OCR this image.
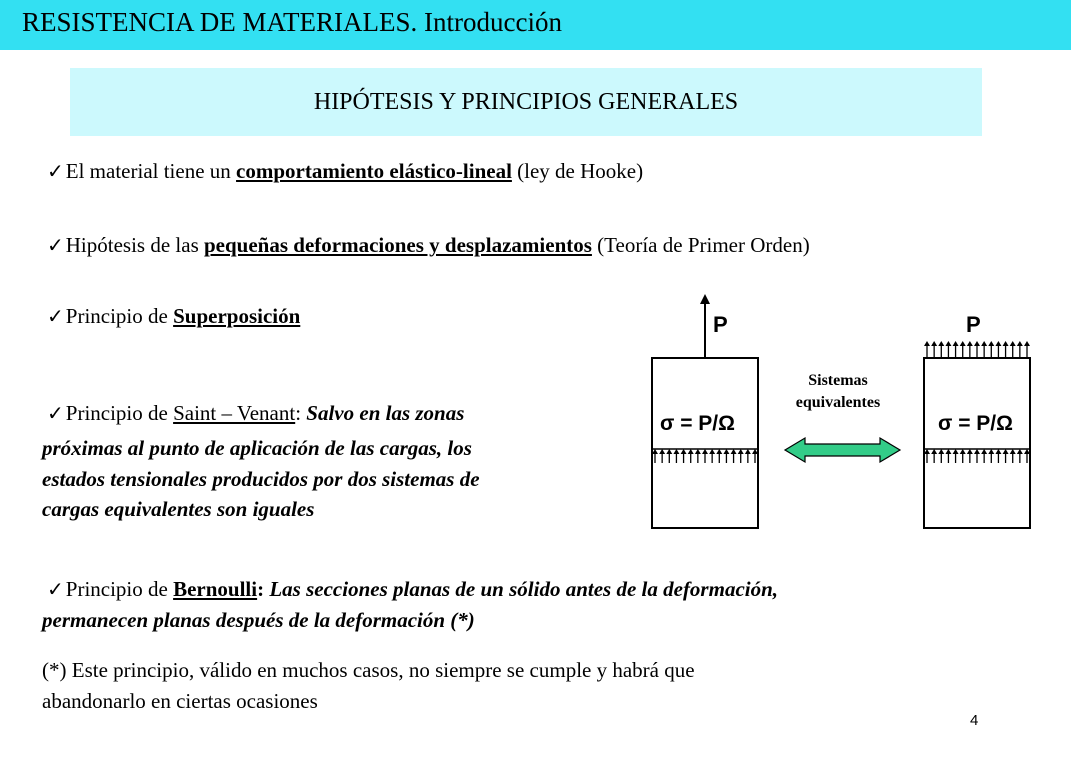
RESISTENCIA DE MATERIALES. Introducción
HIPÓTESIS Y PRINCIPIOS GENERALES
✓El material tiene un comportamiento elástico-lineal (ley de Hooke)
✓Hipótesis de las pequeñas deformaciones y desplazamientos (Teoría de Primer Orden)
✓Principio de Superposición
✓Principio de Saint – Venant: Salvo en las zonas
próximas al punto de aplicación de las cargas, los
estados tensionales producidos por dos sistemas de
cargas equivalentes son iguales
✓Principio de Bernoulli: Las secciones planas de un sólido antes de la deformación,
permanecen planas después de la deformación (*)
(*) Este principio, válido en muchos casos, no siempre se cumple y habrá que
abandonarlo en ciertas ocasiones
P
σ = P/Ω
P
σ = P/Ω
Sistemas
equivalentes
4
